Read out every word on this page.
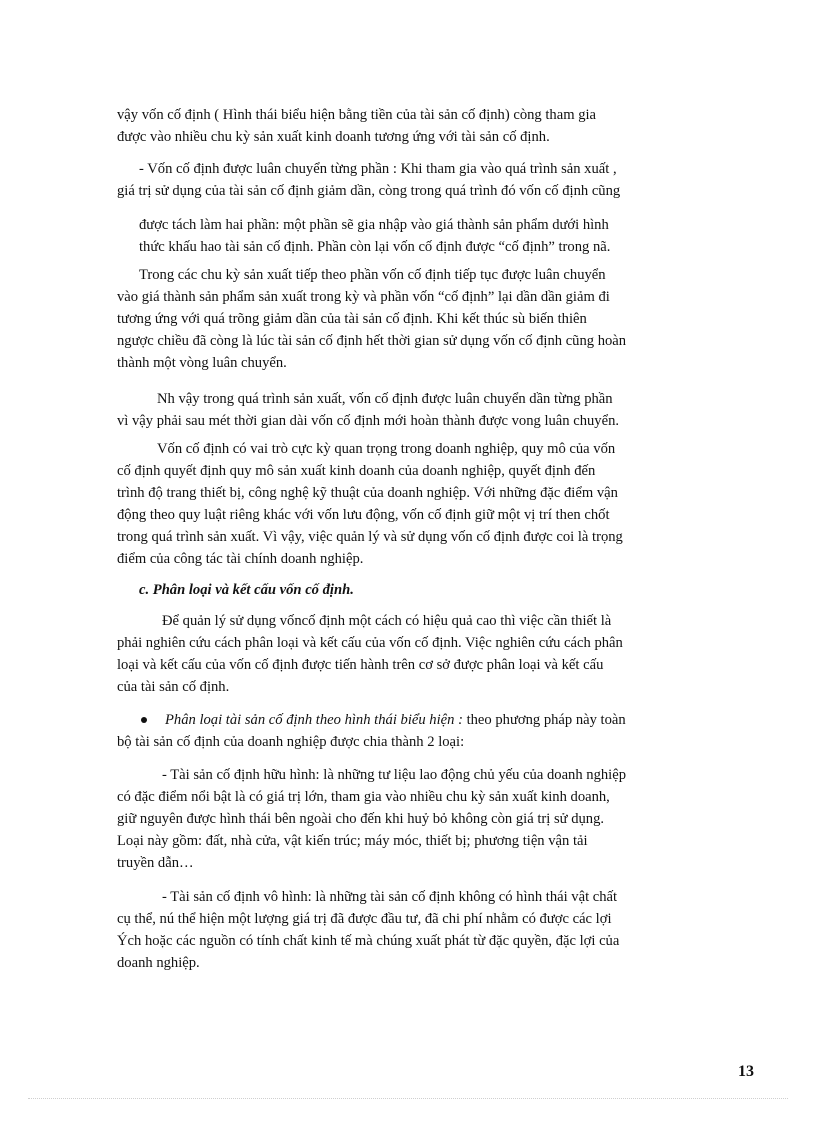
vậy vốn cố định ( Hình thái biểu hiện bằng tiền của tài sản cố định) còng tham gia
được vào nhiều chu kỳ sản xuất kinh doanh tương ứng với tài sản cố định.

- Vốn cố định được luân chuyển từng phần : Khi tham gia vào quá trình sản xuất ,
giá trị sử dụng của tài sản cố định giảm dần, còng trong quá trình đó vốn cố định cũng

được tách làm hai phần: một phần sẽ gia nhập vào giá thành sản phẩm dưới hình
thức khấu hao tài sản cố định. Phần còn lại vốn cố định được “cố định” trong nã.

Trong các chu kỳ sản xuất tiếp theo phần vốn cố định tiếp tục được luân chuyển
vào giá thành sản phẩm sản xuất trong kỳ và phần vốn “cố định” lại dần dần giảm đi
tương ứng với quá trõng giảm dần của tài sản cố định. Khi kết thúc sù biến thiên
ngược chiều đã còng là lúc tài sản cố định hết thời gian sử dụng vốn cố định cũng hoàn
thành một vòng luân chuyển.

Nh vậy trong quá trình sản xuất, vốn cố định được luân chuyển dần từng phần
vì vậy phải sau mét thời gian dài vốn cố định mới hoàn thành được vong luân chuyển.

Vốn cố định có vai trò cực kỳ quan trọng trong doanh nghiệp, quy mô của vốn
cố định quyết định quy mô sản xuất kinh doanh của doanh nghiệp, quyết định đến
trình độ trang thiết bị, công nghệ kỹ thuật của doanh nghiệp. Với những đặc điểm vận
động theo quy luật riêng khác với vốn lưu động, vốn cố định giữ một vị trí then chốt
trong quá trình sản xuất. Vì vậy, việc quản lý và sử dụng vốn cố định được coi là trọng
điểm của công tác tài chính doanh nghiệp.

c. Phân loại và kết cấu vốn cố định.

Để quản lý sử dụng vốncố định một cách có hiệu quả cao thì việc cần thiết là
phải nghiên cứu cách phân loại và kết cấu của vốn cố định. Việc nghiên cứu cách phân
loại và kết cấu của vốn cố định được tiến hành trên cơ sở được phân loại và kết cấu
của tài sản cố định.

Phân loại tài sản cố định theo hình thái biểu hiện : theo phương pháp này toàn
bộ tài sản cố định của doanh nghiệp được chia thành 2 loại:

- Tài sản cố định hữu hình: là những tư liệu lao động chủ yếu của doanh nghiệp
có đặc điểm nổi bật là có giá trị lớn, tham gia vào nhiều chu kỳ sản xuất kinh doanh,
giữ nguyên được hình thái bên ngoài cho đến khi huỷ bỏ không còn giá trị sử dụng.
Loại này gồm: đất, nhà cửa, vật kiến trúc; máy móc, thiết bị; phương tiện vận tải
truyền dẫn…

- Tài sản cố định vô hình: là những tài sản cố định không có hình thái vật chất
cụ thể, nú thể hiện một lượng giá trị đã được đầu tư, đã chi phí nhằm có được các lợi
Ých hoặc các nguồn có tính chất kinh tế mà chúng xuất phát từ đặc quyền, đặc lợi của
doanh nghiệp.

13
